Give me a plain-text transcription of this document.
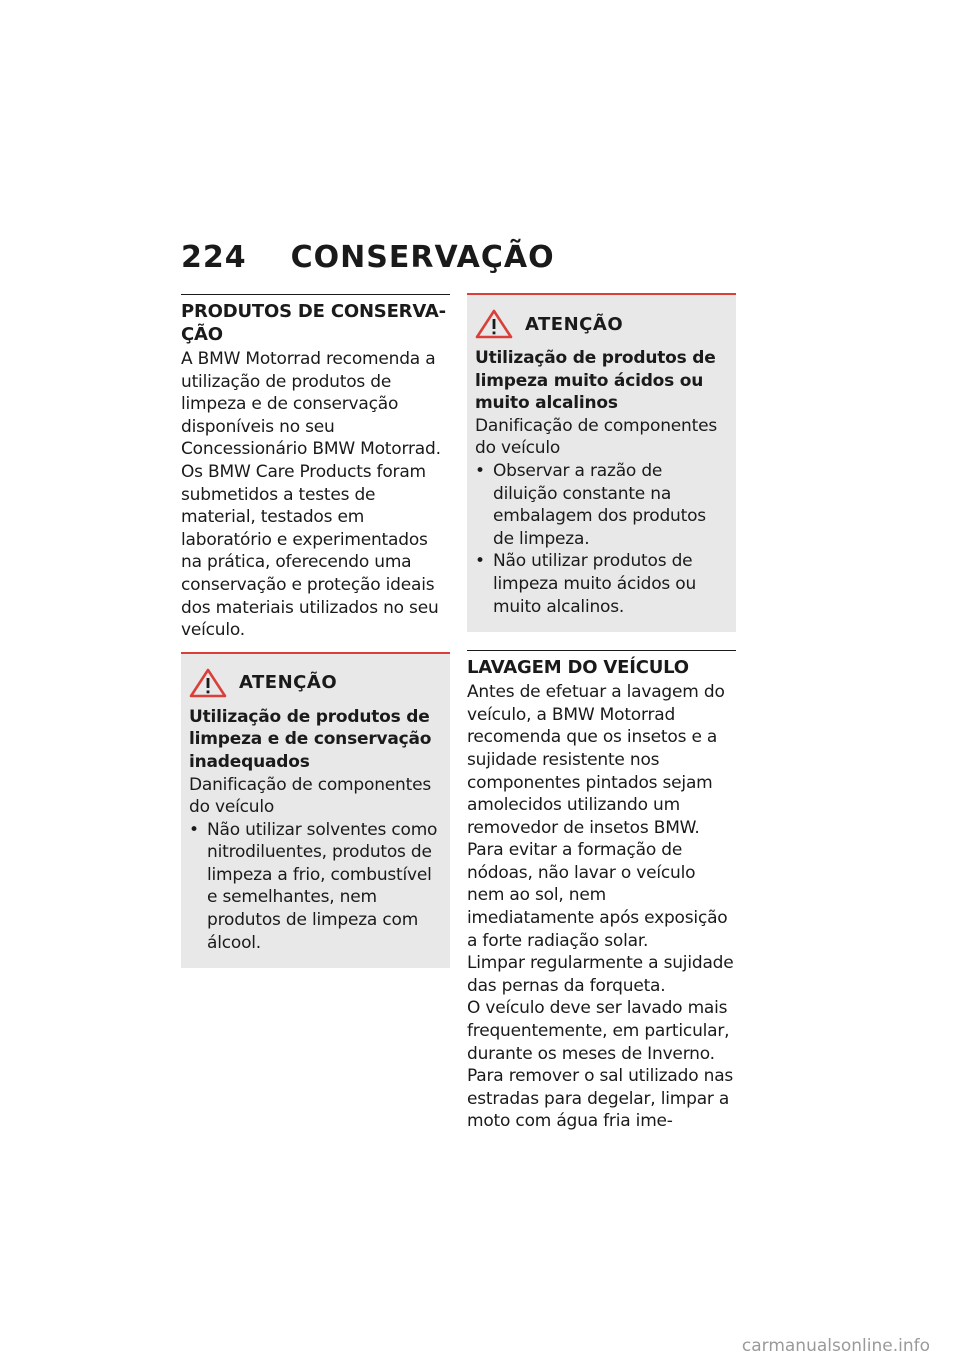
224 CONSERVAÇÃO
PRODUTOS DE CONSERVA-ÇÃO
A BMW Motorrad recomenda a utilização de produtos de limpeza e de conservação disponíveis no seu Concessionário BMW Motorrad. Os BMW Care Products foram submetidos a testes de material, testados em laboratório e experimentados na prática, oferecendo uma conservação e proteção ideais dos materiais utilizados no seu veículo.
ATENÇÃO
Utilização de produtos de limpeza e de conservação inadequados
Danificação de componentes do veículo
• Não utilizar solventes como nitrodiluentes, produtos de limpeza a frio, combustível e semelhantes, nem produtos de limpeza com álcool.
ATENÇÃO
Utilização de produtos de limpeza muito ácidos ou muito alcalinos
Danificação de componentes do veículo
• Observar a razão de diluição constante na embalagem dos produtos de limpeza.
• Não utilizar produtos de limpeza muito ácidos ou muito alcalinos.
LAVAGEM DO VEÍCULO

Antes de efetuar a lavagem do veículo, a BMW Motorrad recomenda que os insetos e a sujidade resistente nos componentes pintados sejam amolecidos utilizando um removedor de insetos BMW.

Para evitar a formação de nódoas, não lavar o veículo nem ao sol, nem imediatamente após exposição a forte radiação solar.

Limpar regularmente a sujidade das pernas da forqueta.

O veículo deve ser lavado mais frequentemente, em particular, durante os meses de Inverno. Para remover o sal utilizado nas estradas para degelar, limpar a moto com água fria ime-

carmanualsonline.info
